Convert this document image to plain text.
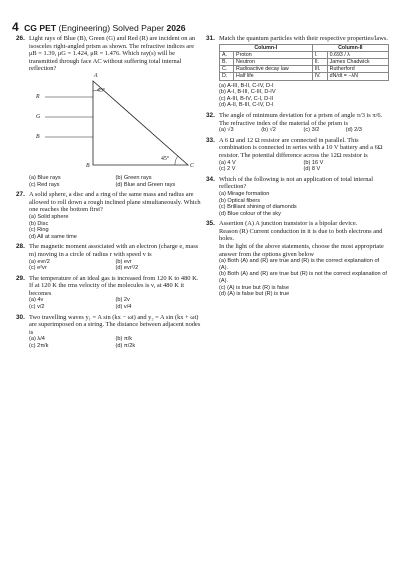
4 CG PET (Engineering) Solved Paper 2026
26. Light rays of Blue (B), Green (G) and Red (R) are incident on an isosceles right-angled prism as shown. The refractive indices are μB = 1.39, μG = 1.424, μR = 1.476. Which ray(s) will be transmitted through face AC without suffering total internal reflection?
A
R
G
B
B	C
45°
45°
(a) Blue rays	(b) Green rays
(c) Red rays	(d) Blue and Green rays
27. A solid sphere, a disc and a ring of the same mass and radius are allowed to roll down a rough inclined plane simultaneously. Which one reaches the bottom first?
(a) Solid sphere
(b) Disc
(c) Ring
(d) All at same time
28. The magnetic moment associated with an electron (charge e, mass m) moving in a circle of radius r with speed v is
(a) evr/2	(b) evr
(c) e²vr	(d) evr²/2
29. The temperature of an ideal gas is increased from 120 K to 480 K. If at 120 K the rms velocity of the molecules is v, at 480 K it becomes
(a) 4v	(b) 2v
(c) v/2	(d) v/4
30. Two travelling waves y₁ = A sin (kx − ωt) and y₂ = A sin (kx + ωt) are superimposed on a string. The distance between adjacent nodes is
(a) λ/4	(b) π/k
(c) 2π/k	(d) π/2k
31. Match the quantum particles with their respective properties/laws.
Column-I		Column-II	
A.	Proton	I.	0.693 / λ
B.	Neutron	II.	James Chadwick
C.	Radioactive decay law	III.	Rutherford
D.	Half life	IV.	dN/dt = −λN
(a) A-III, B-II, C-IV, D-I
(b) A-I, B-III, C-III, D-IV
(c) A-III, B-IV, C-I, D-II
(d) A-II, B-III, C-IV, D-I
32. The angle of minimum deviation for a prism of angle π/3 is π/6. The refractive index of the material of the prism is
(a) √3	(b) √2	(c) 3/2	(d) 2/3
33. A 6 Ω and 12 Ω resistor are connected in parallel. This combination is connected in series with a 10 V battery and a 6Ω resistor. The potential difference across the 12Ω resistor is
(a) 4 V	(b) 16 V
(c) 2 V	(d) 8 V
34. Which of the following is not an application of total internal reflection?
(a) Mirage formation
(b) Optical fibers
(c) Brilliant shining of diamonds
(d) Blue colour of the sky
35. Assertion (A) A junction transistor is a bipolar device.
Reason (R) Current conduction in it is due to both electrons and holes.
In the light of the above statements, choose the most appropriate answer from the options given below
(a) Both (A) and (R) are true and (R) is the correct explanation of (A).
(b) Both (A) and (R) are true but (R) is not the correct explanation of (A).
(c) (A) is true but (R) is false
(d) (A) is false but (R) is true
